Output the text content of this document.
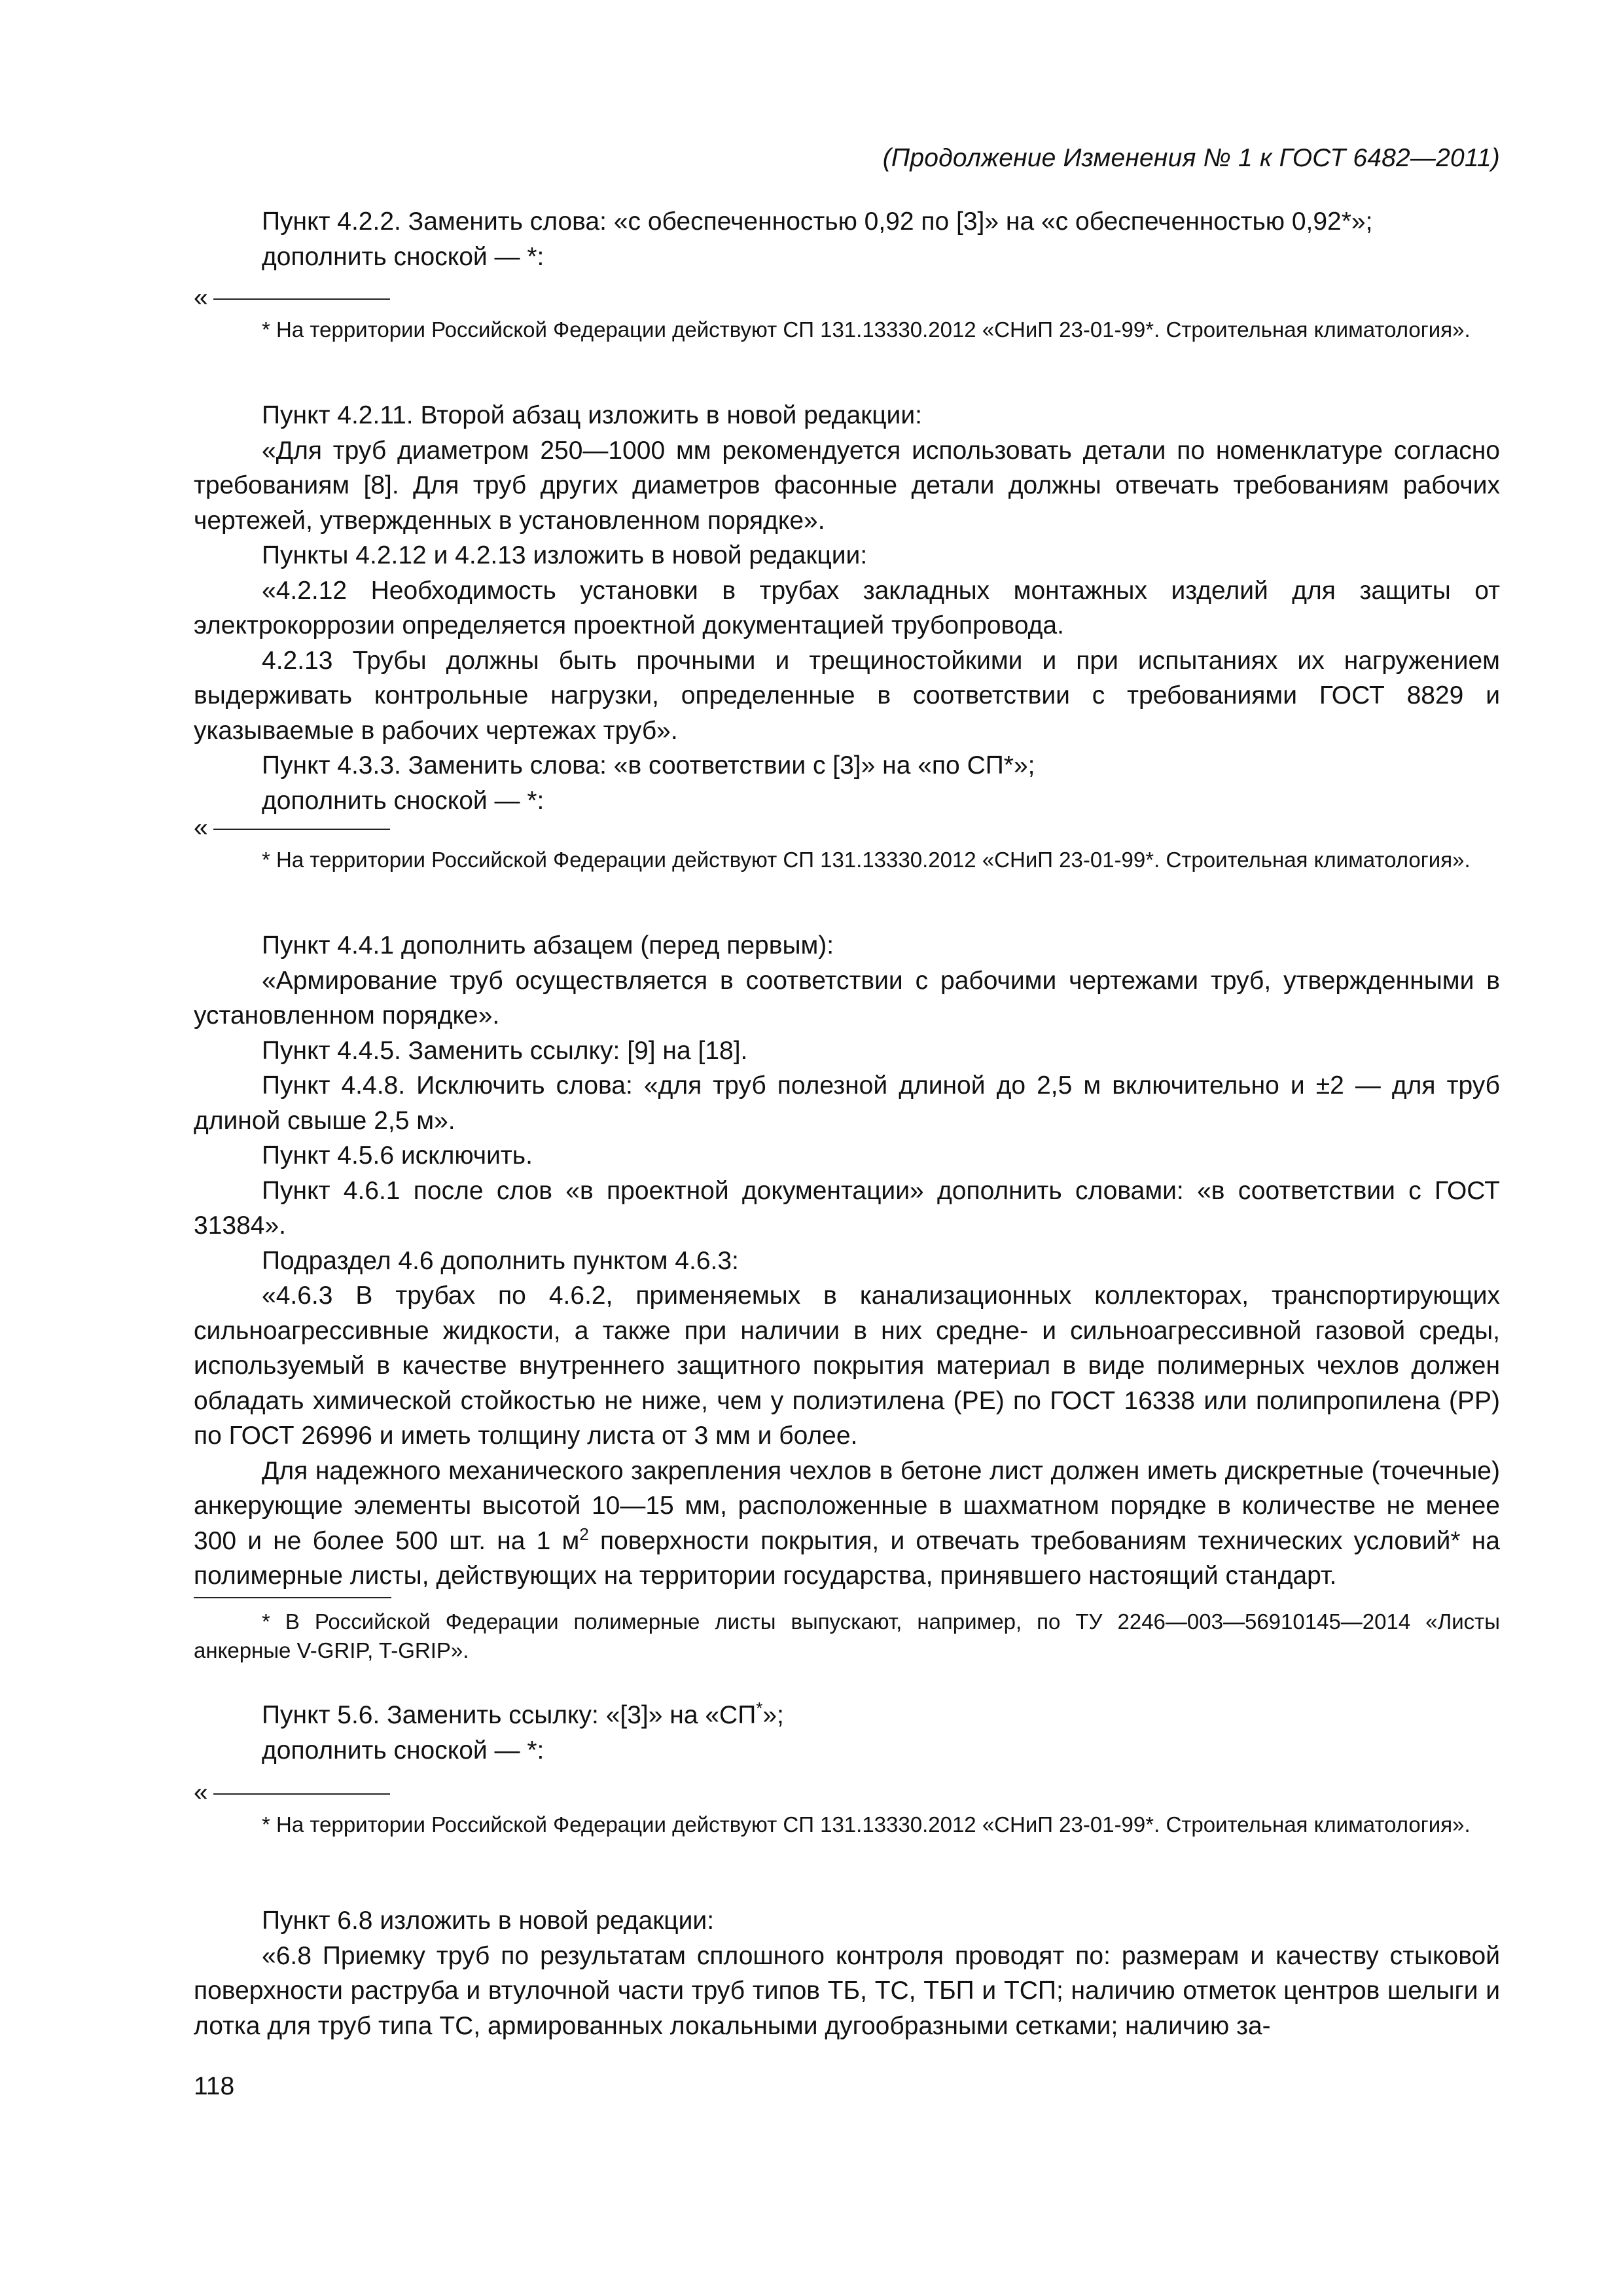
(Продолжение Изменения № 1 к ГОСТ 6482—2011)

Пункт 4.2.2. Заменить слова: «с обеспеченностью 0,92 по [3]» на «с обеспеченностью 0,92*»;

дополнить сноской — *:

«

* На территории Российской Федерации действуют СП 131.13330.2012 «СНиП 23-01-99*. Строительная климатология».

Пункт 4.2.11. Второй абзац изложить в новой редакции:

«Для труб диаметром 250—1000 мм рекомендуется использовать детали по номенклатуре согласно требованиям [8]. Для труб других диаметров фасонные детали должны отвечать требованиям рабочих чертежей, утвержденных в установленном порядке».

Пункты 4.2.12 и 4.2.13 изложить в новой редакции:

«4.2.12 Необходимость установки в трубах закладных монтажных изделий для защиты от электрокоррозии определяется проектной документацией трубопровода.

4.2.13 Трубы должны быть прочными и трещиностойкими и при испытаниях их нагружением выдерживать контрольные нагрузки, определенные в соответствии с требованиями ГОСТ 8829 и указываемые в рабочих чертежах труб».

Пункт 4.3.3. Заменить слова: «в соответствии с [3]» на «по СП*»;

дополнить сноской — *:

«

* На территории Российской Федерации действуют СП 131.13330.2012 «СНиП 23-01-99*. Строительная климатология».

Пункт 4.4.1 дополнить абзацем (перед первым):

«Армирование труб осуществляется в соответствии с рабочими чертежами труб, утвержденными в установленном порядке».

Пункт 4.4.5. Заменить ссылку: [9] на [18].

Пункт 4.4.8. Исключить слова: «для труб полезной длиной до 2,5 м включительно и ±2 — для труб длиной свыше 2,5 м».

Пункт 4.5.6 исключить.

Пункт 4.6.1 после слов «в проектной документации» дополнить словами: «в соответствии с ГОСТ 31384».

Подраздел 4.6 дополнить пунктом 4.6.3:

«4.6.3 В трубах по 4.6.2, применяемых в канализационных коллекторах, транспортирующих сильноагрессивные жидкости, а также при наличии в них средне- и сильноагрессивной газовой среды, используемый в качестве внутреннего защитного покрытия материал в виде полимерных чехлов должен обладать химической стойкостью не ниже, чем у полиэтилена (PE) по ГОСТ 16338 или полипропилена (PP) по ГОСТ 26996 и иметь толщину листа от 3 мм и более.

Для надежного механического закрепления чехлов в бетоне лист должен иметь дискретные (точечные) анкерующие элементы высотой 10—15 мм, расположенные в шахматном порядке в количестве не менее 300 и не более 500 шт. на 1 $м^2$ поверхности покрытия, и отвечать требованиям технических условий* на полимерные листы, действующих на территории государства, принявшего настоящий стандарт.

* В Российской Федерации полимерные листы выпускают, например, по ТУ 2246—003—56910145—2014 «Листы анкерные V-GRIP, T-GRIP».

Пункт 5.6. Заменить ссылку: «[3]» на «СП*»;

дополнить сноской — *:

«

* На территории Российской Федерации действуют СП 131.13330.2012 «СНиП 23-01-99*. Строительная климатология».

Пункт 6.8 изложить в новой редакции:

«6.8 Приемку труб по результатам сплошного контроля проводят по: размерам и качеству стыковой поверхности раструба и втулочной части труб типов ТБ, ТС, ТБП и ТСП; наличию отметок центров шелыги и лотка для труб типа ТС, армированных локальными дугообразными сетками; наличию за-

118
